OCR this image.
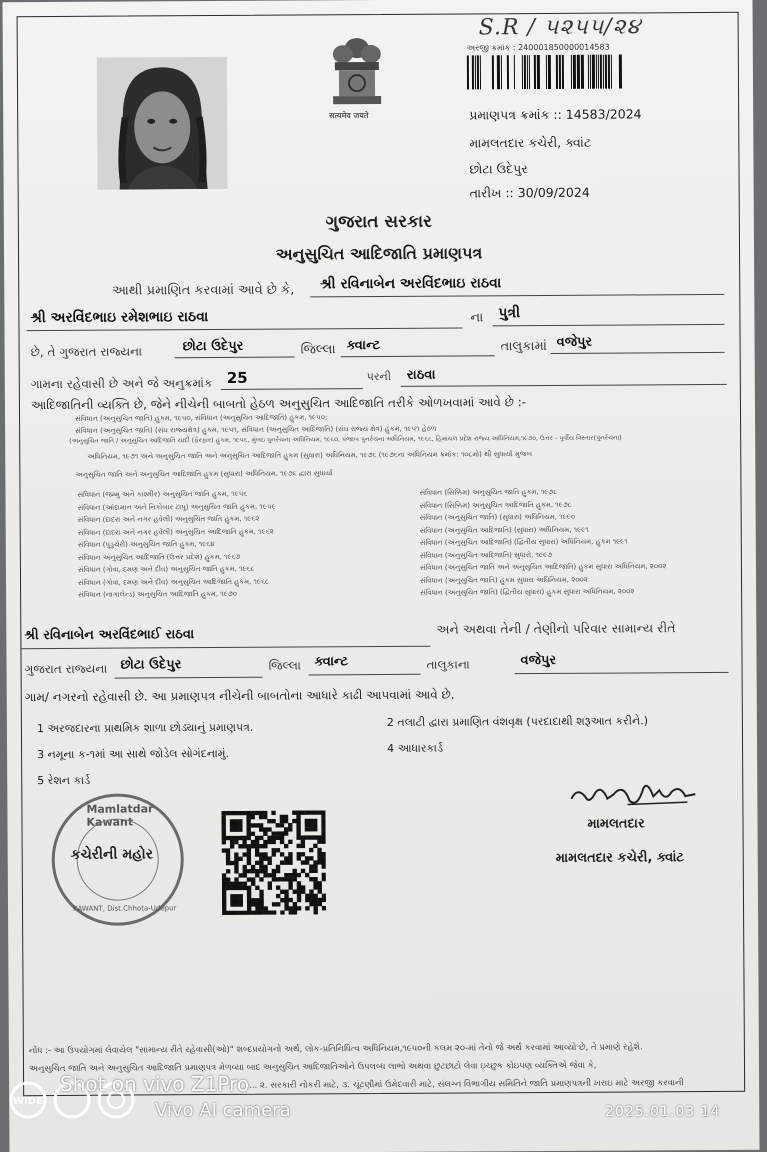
सत्यमेव जयते
S.R / ૫૨૫૫/૨૪
અરજી ક્રમાંક : 240001850000014583
પ્રમાણપત્ર ક્રમાંક :: 14583/2024
મામલતદાર કચેરી, ક્વાંટ
છોટા ઉદેપુર
તારીખ :: 30/09/2024
ગુજરાત સરકાર
અનુસુચિત આદિજાતિ પ્રમાણપત્ર
આથી પ્રમાણિત કરવામાં આવે છે કે, શ્રી રવિનાબેન અરવિંદભાઇ રાઠવા
શ્રી અરવિંદભાઇ રમેશભાઇ રાઠવા	ના પુત્રી
છે, તે ગુજરાત રાજ્યના	છોટા ઉદેપુર	જિલ્લા ક્વાન્ટ	તાલુકામાં વજેપુર
ગામના રહેવાસી છે અને જે અનુક્રમાંક 25	પરની રાઠવા
આદિજાતિની વ્યક્તિ છે, જેને નીચેની બાબતો હેઠળ અનુસુચિત આદિજાતિ તરીકે ઓળખવામાં આવે છે :-
સંવિધાન (અનુસુચિત જાતિ) હુકમ, ૧૯૫૦, સંવિધાન (અનુસુચિત આદિજાતિ) હુકમ, ૧૯૫૦;
સંવિધાન (અનુસુચિત જાતિ) (સંઘ રાજ્યક્ષેત્ર) હુકમ, ૧૯૫૧, સંવિધાન (અનુસુચિત આદિજાતિ) (સંઘ રાજ્ય ક્ષેત્ર) હુકમ, ૧૯૫૧ હેઠળ
(અનુસુચિત જાતિ / અનુસુચિત આદિજાતિ યાદી (ફેરફાર) હુકમ, ૧૯૫૬, મુંબઇ પુનર્રચના અધિનિયમ, ૧૯૬૦, પંજાબ પુનર્રચના અધિનિયમ, ૧૯૬૬, હિમાચલ પ્રદેશ રાજ્ય અધિનિયમ,૧૯૭૦, ઉત્તર - પૂર્વીય વિસ્તાર(પુનર્રચના)
અધિનિયમ, ૧૯૭૧ અને અનુસુચિત જાતિ અને અનુસુચિત આદિજાતિ હુકમ (સુધારા) અધિનિયમ, ૧૯૭૬ (૧૯૭૬ના અધિનિયમ ક્રમાંક: ૧૦૮મો) થી સુધાર્યા મુજબ
અનુસુચિત જાતિ અને અનુસુચિત આદિજાતિ હુકમ (સુધારા) અધિનિયમ, ૧૯૭૬ દ્વારા સુધાર્યા
સંવિધાન (જમ્મુ અને કાશ્મીર) અનુસુચિત જાતિ હુકમ, ૧૯૫૬
સંવિધાન (આંદામાન અને નિકોબાર ટાપુ) અનુસુચિત જાતિ હુકમ, ૧૯૫૯
સંવિધાન (દાદરા અને નગર હવેલી) અનુસુચિત જાતિ હુકમ, ૧૯૬૨
સંવિધાન (દાદરા અને નગર હવેલી) અનુસુચિત આદિજાતિ હુકમ, ૧૯૬૨
સંવિધાન (પુડુચેરી) અનુસુચિત જાતિ હુકમ, ૧૯૬૪
સંવિધાન અનુસુચિત આદિજાતિ (ઉત્તર પ્રદેશ) હુકમ, ૧૯૬૭
સંવિધાન (ગોવા, દમણ અને દીવ) અનુસુચિત જાતિ હુકમ, ૧૯૬૮
સંવિધાન (ગોવા, દમણ અને દીવ) અનુસુચિત આદિજાતિ હુકમ, ૧૯૬૮
સંવિધાન (નાગાલેન્ડ) અનુસુચિત આદિજાતિ હુકમ, ૧૯૭૦
સંવિધાન (સિક્કિમ) અનુસુચિત જાતિ હુકમ, ૧૯૭૮
સંવિધાન (સિક્કિમ) અનુસુચિત આદિજાતિ હુકમ, ૧૯૭૮
સંવિધાન (અનુસુચિત જાતિ) (સુધારા) અધિનિયમ, ૧૯૯૦
સંવિધાન (અનુસુચિત આદિજાતિ) (સુધારા) અધિનિયમ, ૧૯૯૧
સંવિધાન (અનુસુચિત આદિજાતિ) (દ્વિતીય સુધારા) અધિનિયમ, હુકમ ૧૯૯૧
સંવિધાન (અનુસુચિત આદિજાતિ) સુધારો, ૧૯૯૭
સંવિધાન (અનુસુચિત જાતિ અને અનુસુચિત આદિજાતિ) હુકમ સુધારા અધિનિયમ, ૨૦૦૨
સંવિધાન (અનુસુચિત જાતિ) હુકમ સુધારા અધિનિયમ, ૨૦૦૨
સંવિધાન (અનુસુચિત જાતિ) (દ્વિતીય સુધારા) હુકમ સુધારા અધિનિયમ, ૨૦૦૨
શ્રી રવિનાબેન અરવિંદભાઈ રાઠવા	અને અથવા તેની / તેણીનો પરિવાર સામાન્ય રીતે
ગુજરાત રાજ્યના છોટા ઉદેપુર	જિલ્લા ક્વાન્ટ	તાલુકાના	વજેપુર
ગામ/ નગરનો રહેવાસી છે. આ પ્રમાણપત્ર નીચેની બાબતોના આધારે કાઢી આપવામાં આવે છે.
1 અરજદારના પ્રાથમિક શાળા છોડ્યાનું પ્રમાણપત્ર.	2 તલાટી દ્વારા પ્રમાણિત વંશવૃક્ષ (પરદાદાથી શરૂઆત કરીને.)
3 નમૂના ક-૧માં આ સાથે જોડેલ સોગંદનામું.	4 આધારકાર્ડ
5 રેશન કાર્ડ
Mamlatdar Kawant
કચેરીની મહોર
KAWANT, Dist.Chhota-Udepur
મામલતદાર
મામલતદાર કચેરી, ક્વાંટ
નોંધ :- આ ઉપયોગમાં લેવાયેલ "સામાન્ય રીતે રહેવાસી(ઓ)" શબ્દપ્રયોગનો અર્થ, લોક-પ્રતિનિધિત્વ અધિનિયમ,૧૯૫૦ની કલમ ૨૦-માં તેનો જે અર્થ કરવામાં આવ્યો છે, તે પ્રમાણે રહેશે.
અનુસુચિત જાતિ અને અનુસુચિત આદિજાતિ પ્રમાણપત્ર મેળવ્યા બાદ અનુસુચિત આદિજાતિઓને ઉપલબ્ધ લાભો અથવા છુટછાટો લેવા ઇચ્છુક કોઇપણ વ્યક્તિએ જેવા કે,
... ૨. સરકારી નોકરી માટે, ૩. ચૂંટણીમાં ઉમેદવારી માટે, સંલગ્ન વિભાગીય સમિતિને જાતિ પ્રમાણપત્રની ખરાઇ માટે અરજી કરવાની
WIDE
Shot on vivo Z1Pro
Vivo AI camera	2025.01.03 14
